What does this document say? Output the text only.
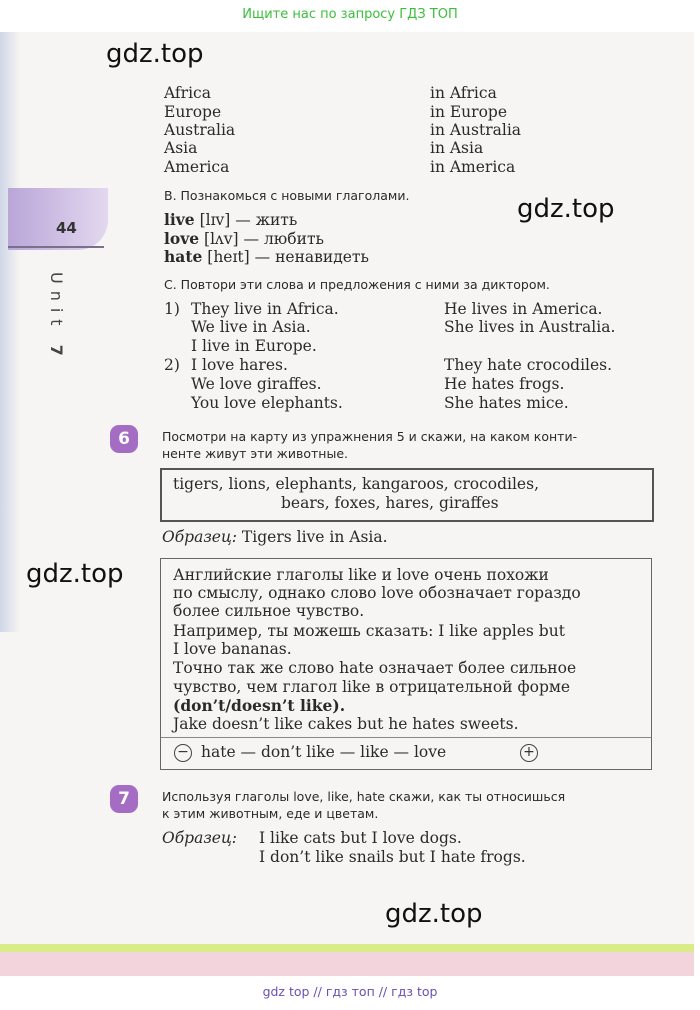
Ищите нас по запросу ГДЗ ТОП
44
Unit 7
Africa	in Africa
Europe	in Europe
Australia	in Australia
Asia	in Asia
America	in America
B. Познакомься с новыми глаголами.
live [lɪv] — жить
love [lʌv] — любить
hate [heɪt] — ненавидеть
C. Повтори эти слова и предложения с ними за диктором.
1) They live in Africa.	He lives in America.
We live in Asia.	She lives in Australia.
I live in Europe.
2) I love hares.	They hate crocodiles.
We love giraffes.	He hates frogs.
You love elephants.	She hates mice.
6	Посмотри на карту из упражнения 5 и скажи, на каком конти-
ненте живут эти животные.
tigers, lions, elephants, kangaroos, crocodiles,
bears, foxes, hares, giraffes
Образец: Tigers live in Asia.
Английские глаголы like и love очень похожи
по смыслу, однако слово love обозначает гораздо
более сильное чувство.
Например, ты можешь сказать: I like apples but
I love bananas.
Точно так же слово hate означает более сильное
чувство, чем глагол like в отрицательной форме
(don’t/doesn’t like).
Jake doesn’t like cakes but he hates sweets.
− hate — don’t like — like — love	+
7	Используя глаголы love, like, hate скажи, как ты относишься
к этим животным, еде и цветам.
Образец: I like cats but I love dogs.
I don’t like snails but I hate frogs.
gdz.top
gdz.top
gdz.top
gdz.top
gdz top // гдз топ // гдз top
